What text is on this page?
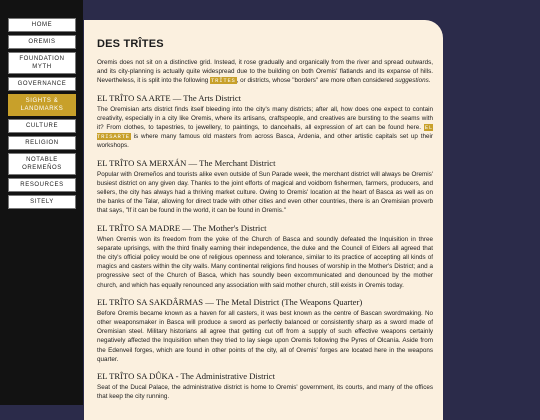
HOME
OREMIS
FOUNDATION MYTH
GOVERNANCE
SIGHTS & LANDMARKS
CULTURE
RELIGION
NOTABLE OREMEÑOS
RESOURCES
SITELY
DES TRÎTES

Oremis does not sit on a distinctive grid. Instead, it rose gradually and organically from the river and spread outwards, and its city-planning is actually quite widespread due to the building on both Oremis' flatlands and its expanse of hills. Nevertheless, it is split into the following TRÎTES, or districts, whose "borders" are more often considered suggestions.

EL TRÎTO SA ARTE — The Arts District

The Oremisian arts district finds itself bleeding into the city's many districts; after all, how does one expect to contain creativity, especially in a city like Oremis, where its artisans, craftspeople, and creatives are bursting to the seams with it? From clothes, to tapestries, to jewellery, to paintings, to dancehalls, all expression of art can be found here. EL TRISARTE is where many famous old masters from across Basca, Ardenia, and other artistic capitals set up their workshops.

EL TRÎTO SA MERXÁN — The Merchant District

Popular with Oremeños and tourists alike even outside of Sun Parade week, the merchant district will always be Oremis' busiest district on any given day. Thanks to the joint efforts of magical and voidborn fishermen, farmers, producers, and sellers, the city has always had a thriving market culture. Owing to Oremis' location at the heart of Basca as well as on the banks of the Talar, allowing for direct trade with other cities and even other countries, there is an Oremisian proverb that says, "If it can be found in the world, it can be found in Oremis."

EL TRÎTO SA MADRE — The Mother's District

When Oremis won its freedom from the yoke of the Church of Basca and soundly defeated the Inquisition in three separate uprisings, with the third finally earning their independence, the duke and the Council of Elders all agreed that the city's official policy would be one of religious openness and tolerance, similar to its practice of accepting all kinds of magics and casters within the city walls. Many continental religions find houses of worship in the Mother's District; and a progressive sect of the Church of Basca, which has soundly been excommunicated and denounced by the mother church, and which has equally renounced any association with said mother church, still exists in Oremis today.

EL TRÎTO SA SAKDÂRMAS — The Metal District (The Weapons Quarter)

Before Oremis became known as a haven for all casters, it was best known as the centre of Bascan swordmaking. No other weaponsmaker in Basca will produce a sword as perfectly balanced or consistently sharp as a sword made of Oremisian steel. Military historians all agree that getting cut off from a supply of such effective weapons certainly negatively affected the Inquisition when they tried to lay siege upon Oremis following the Pyres of Olcanía. Aside from the Edenveil forges, which are found in other points of the city, all of Oremis' forges are located here in the weapons quarter.

EL TRÎTO SA DÛKA - The Administrative District

Seat of the Ducal Palace, the administrative district is home to Oremis' government, its courts, and many of the offices that keep the city running.
